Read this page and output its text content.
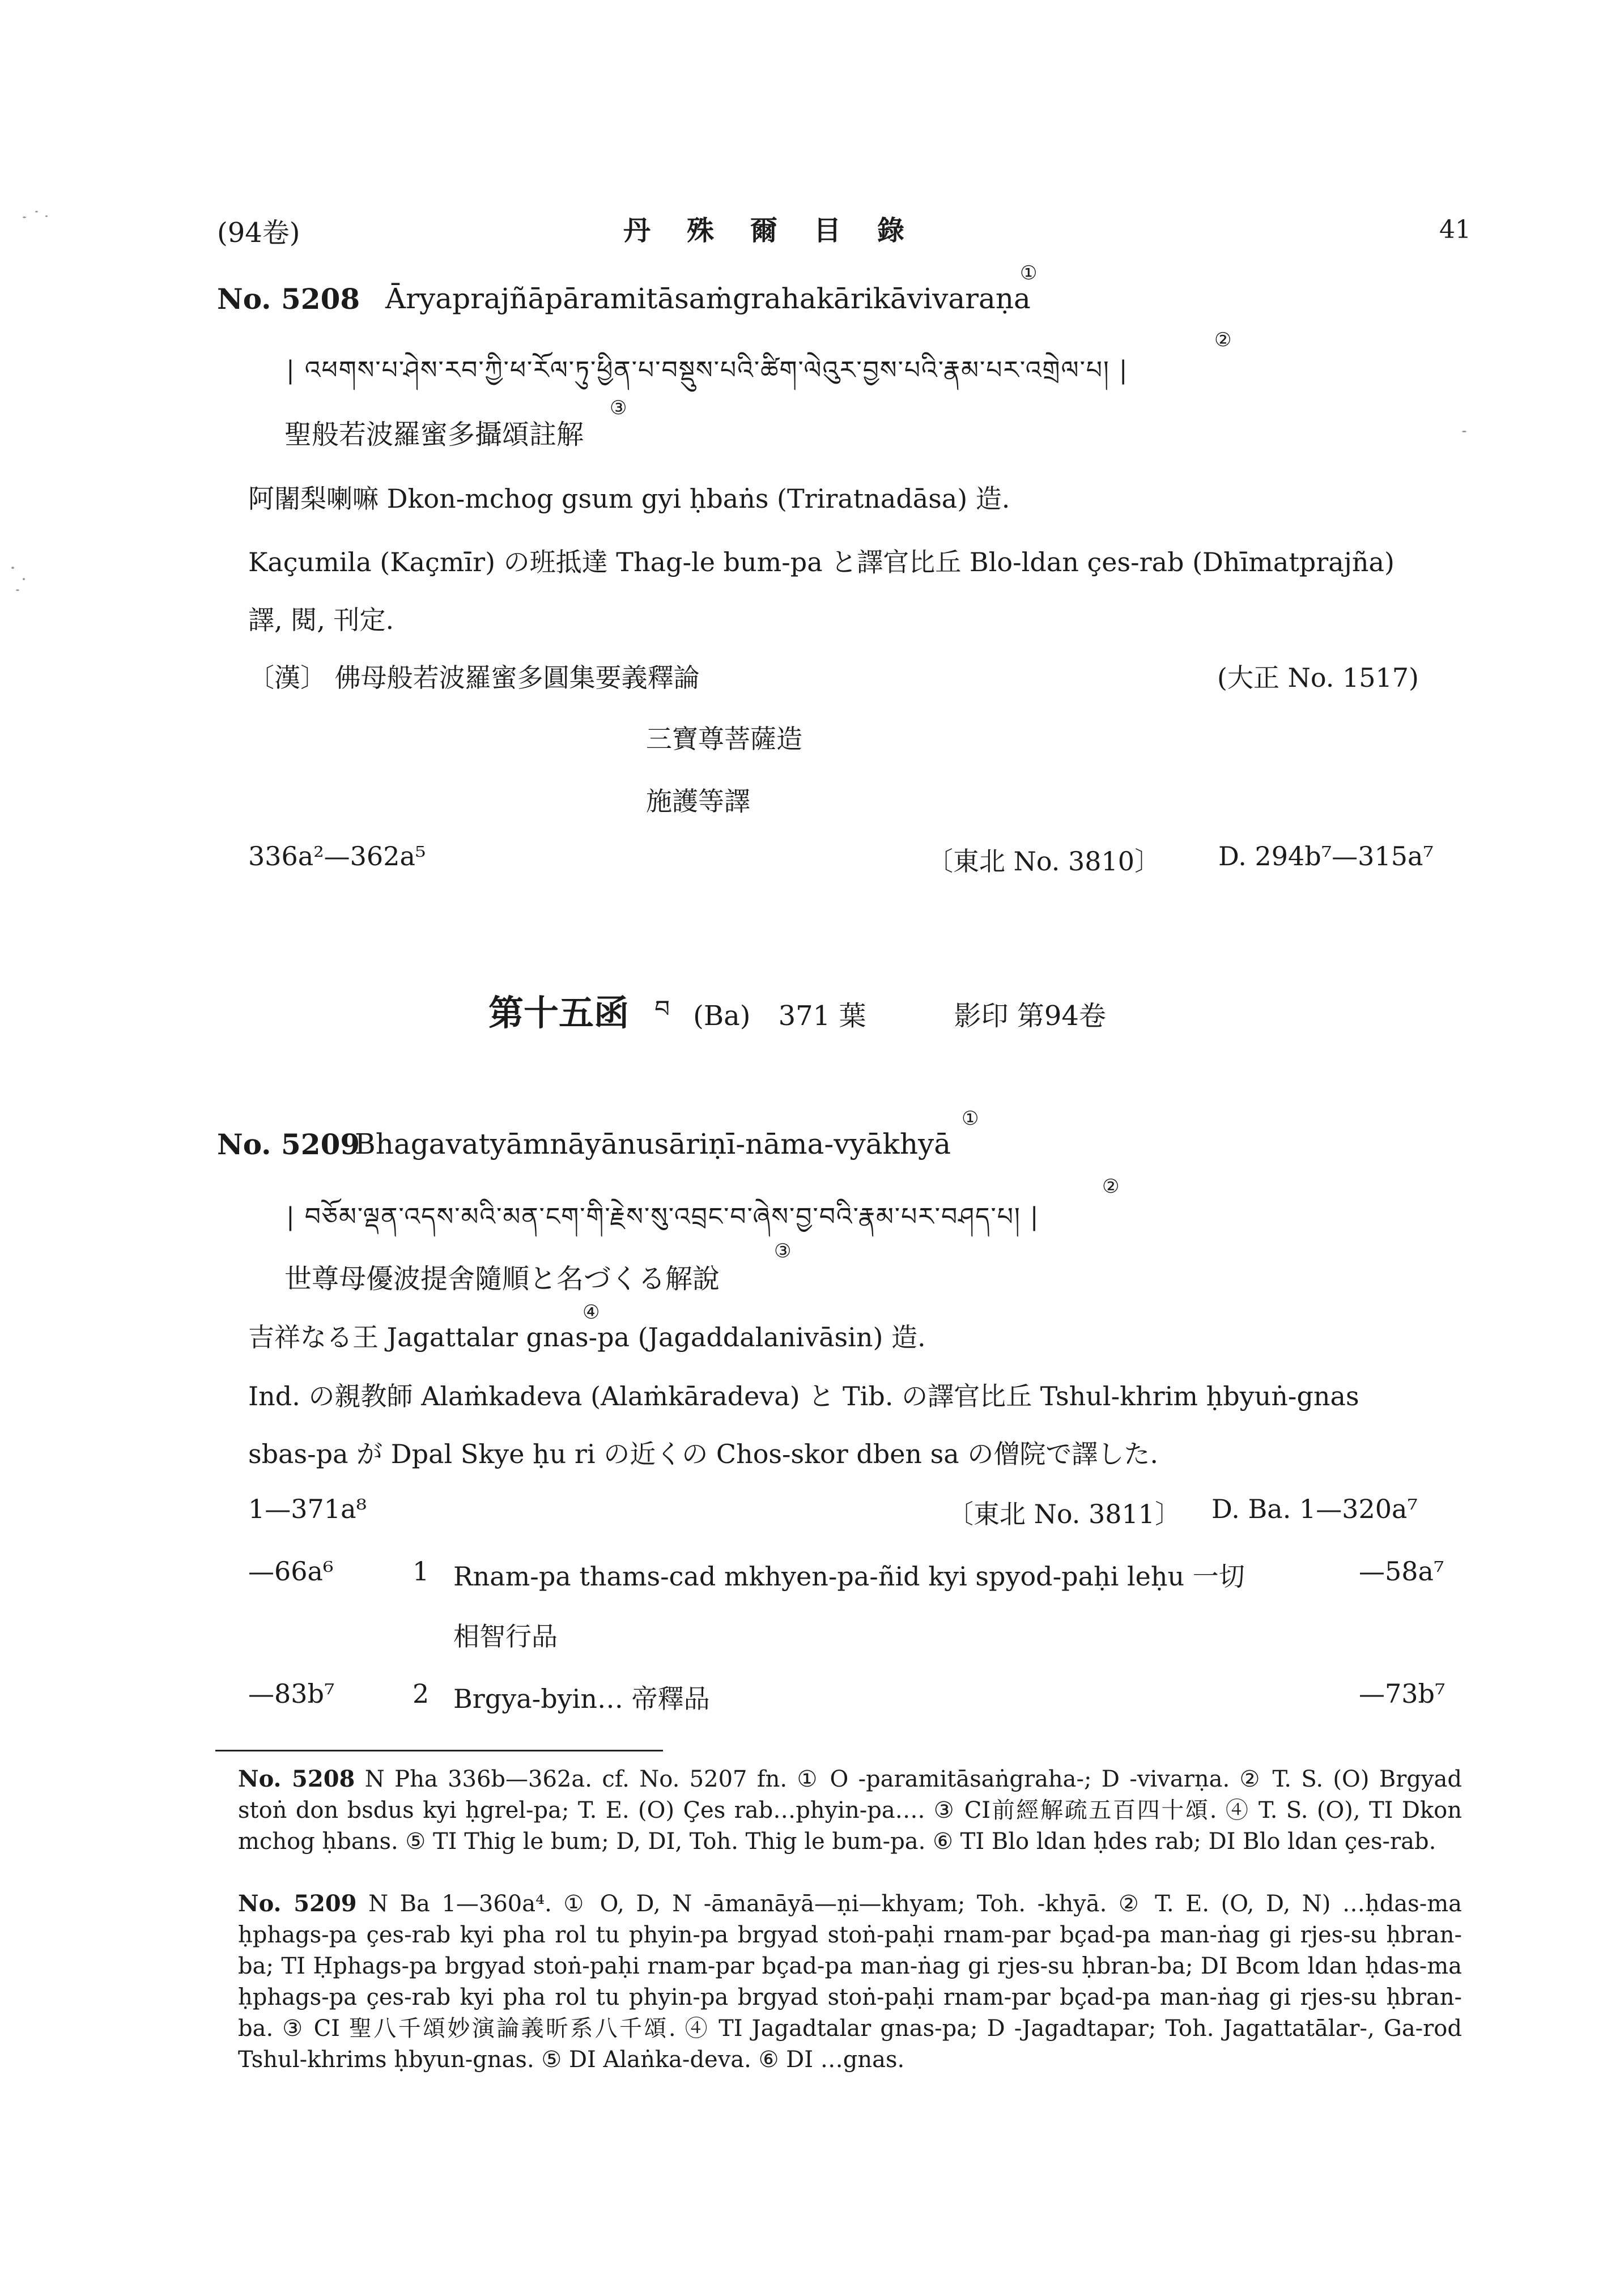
(94卷)	丹　殊　爾　目　錄	41
①
No. 5208 Āryaprajñāpāramitāsaṁgrahakārikāvivaraṇa
②
| འཕགས་པ་ཤེས་རབ་ཀྱི་ཕ་རོལ་ཏུ་ཕྱིན་པ་བསྡུས་པའི་ཚིག་ལེའུར་བྱས་པའི་རྣམ་པར་འགྲེལ་པ། |
③
聖般若波羅蜜多攝頌註解
阿闍梨喇嘛 Dkon-mchog gsum gyi ḥbaṅs (Triratnadāsa) 造.
Kaçumila (Kaçmīr) の班抵達 Thag-le bum-pa と譯官比丘 Blo-ldan çes-rab (Dhīmatprajña)
譯, 閱, 刊定.
〔漢〕 佛母般若波羅蜜多圓集要義釋論	(大正 No. 1517)
三寶尊菩薩造
施護等譯
336a²—362a⁵	〔東北 No. 3810〕 D. 294b⁷—315a⁷
第十五函 བ (Ba) 371 葉	影印 第94卷
①
No. 5209
Bhagavatyāmnāyānusāriṇī-nāma-vyākhyā
②
| བཅོམ་ལྡན་འདས་མའི་མན་ངག་གི་རྗེས་སུ་འབྲང་བ་ཞེས་བྱ་བའི་རྣམ་པར་བཤད་པ། |
③
世尊母優波提舍隨順と名づくる解說
④
吉祥なる王 Jagattalar gnas-pa (Jagaddalanivāsin) 造.
Ind. の親教師 Alaṁkadeva (Alaṁkāradeva) と Tib. の譯官比丘 Tshul-khrim ḥbyuṅ-gnas
sbas-pa が Dpal Skye ḥu ri の近くの Chos-skor dben sa の僧院で譯した.
1—371a⁸	〔東北 No. 3811〕 D. Ba. 1—320a⁷
—66a⁶	1 Rnam-pa thams-cad mkhyen-pa-ñid kyi spyod-paḥi leḥu 一切	—58a⁷
相智行品
—83b⁷	2 Brgya-byin… 帝釋品	—73b⁷
No. 5208 N Pha 336b—362a. cf. No. 5207 fn. ① O -paramitāsaṅgraha-; D -vivarṇa. ② T. S. (O) Brgyad stoṅ don bsdus kyi ḥgrel-pa; T. E. (O) Çes rab…phyin-pa…. ③ CI前經解疏五百四十頌. ④ T. S. (O), TI Dkon mchog ḥbans. ⑤ TI Thig le bum; D, DI, Toh. Thig le bum-pa. ⑥ TI Blo ldan ḥdes rab; DI Blo ldan çes-rab.
No. 5209 N Ba 1—360a⁴. ① O, D, N -āmanāyā—ṇi—khyam; Toh. -khyā. ② T. E. (O, D, N) …ḥdas-ma ḥphags-pa çes-rab kyi pha rol tu phyin-pa brgyad stoṅ-paḥi rnam-par bçad-pa man-ṅag gi rjes-su ḥbran-ba; TI Ḥphags-pa brgyad stoṅ-paḥi rnam-par bçad-pa man-ṅag gi rjes-su ḥbran-ba; DI Bcom ldan ḥdas-ma ḥphags-pa çes-rab kyi pha rol tu phyin-pa brgyad stoṅ-paḥi rnam-par bçad-pa man-ṅag gi rjes-su ḥbran-ba. ③ CI 聖八千頌妙演論義昕系八千頌. ④ TI Jagadtalar gnas-pa; D -Jagadtapar; Toh. Jagattatālar-, Ga-rod Tshul-khrims ḥbyun-gnas. ⑤ DI Alaṅka-deva. ⑥ DI …gnas.
